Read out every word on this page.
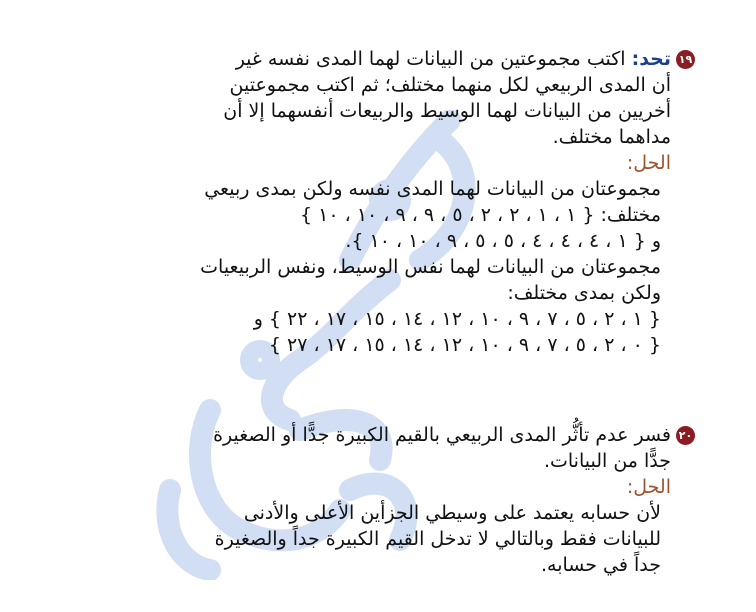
١٩
تحد: اكتب مجموعتين من البيانات لهما المدى نفسه غير
أن المدى الربيعي لكل منهما مختلف؛ ثم اكتب مجموعتين
أخريين من البيانات لهما الوسيط والربيعات أنفسهما إلا أن
مداهما مختلف.
الحل:
مجموعتان من البيانات لهما المدى نفسه ولكن بمدى ربيعي
مختلف: { ١ ، ١ ، ٢ ، ٢ ، ٥ ، ٩ ، ٩ ، ١٠ ، ١٠ }
و { ١ ، ٤ ، ٤ ، ٤ ، ٥ ، ٥ ، ٩ ، ١٠ ، ١٠ }.
مجموعتان من البيانات لهما نفس الوسيط، ونفس الربيعيات
ولكن بمدى مختلف:
{ ١ ، ٢ ، ٥ ، ٧ ، ٩ ، ١٠ ، ١٢ ، ١٤ ، ١٥ ، ١٧ ، ٢٢ } و
{ ٠ ، ٢ ، ٥ ، ٧ ، ٩ ، ١٠ ، ١٢ ، ١٤ ، ١٥ ، ١٧ ، ٢٧ }
٢٠
فسر عدم تأثُّر المدى الربيعي بالقيم الكبيرة جدًّا أو الصغيرة
جدًّا من البيانات.
الحل:
لأن حسابه يعتمد على وسيطي الجزأين الأعلى والأدنى
للبيانات فقط وبالتالي لا تدخل القيم الكبيرة جداً والصغيرة
جداً في حسابه.
